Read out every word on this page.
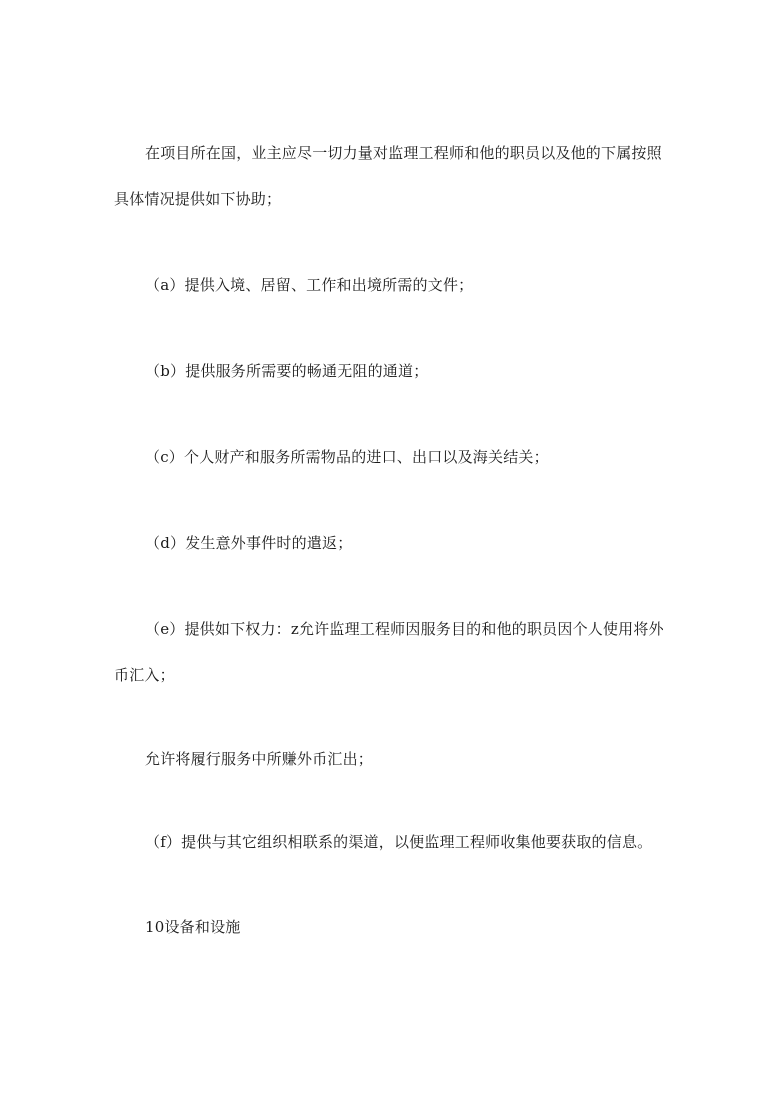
在项目所在国，业主应尽一切力量对监理工程师和他的职员以及他的下属按照
具体情况提供如下协助；
（a）提供入境、居留、工作和出境所需的文件；
（b）提供服务所需要的畅通无阻的通道；
（c）个人财产和服务所需物品的进口、出口以及海关结关；
（d）发生意外事件时的遣返；
（e）提供如下权力：z允许监理工程师因服务目的和他的职员因个人使用将外
币汇入；
允许将履行服务中所赚外币汇出；
（f）提供与其它组织相联系的渠道，以便监理工程师收集他要获取的信息。
10设备和设施
